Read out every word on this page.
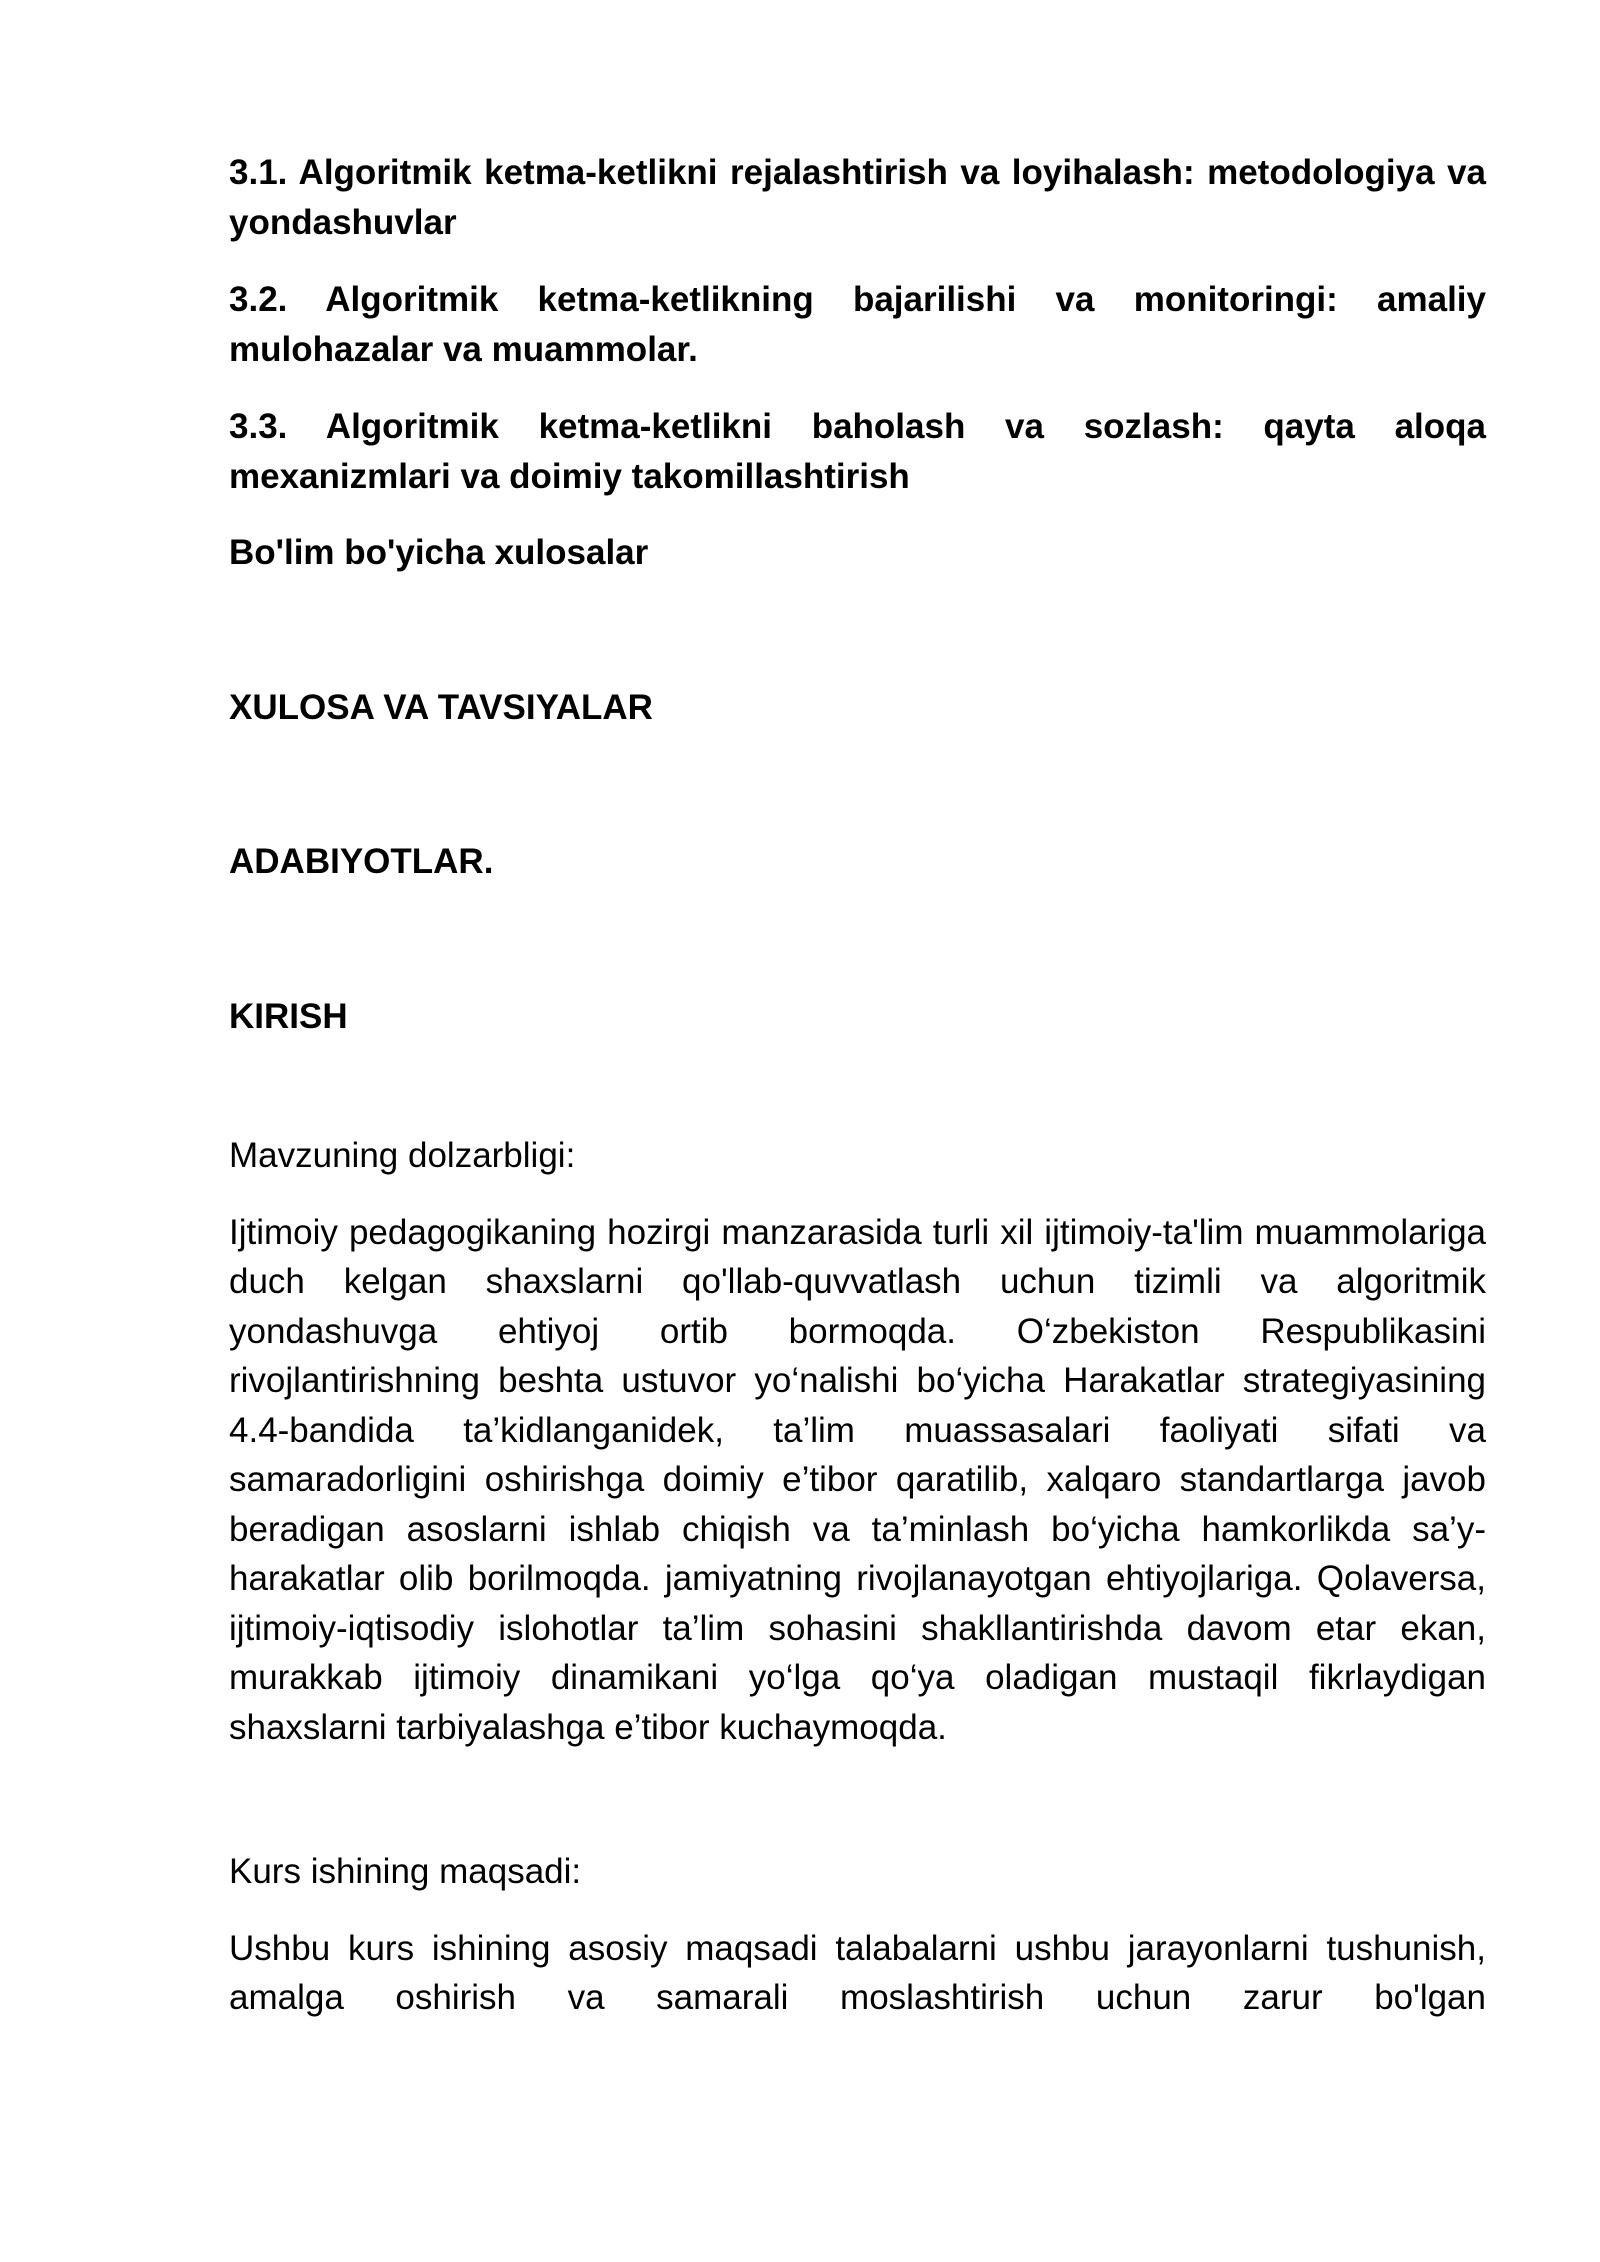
3.1. Algoritmik ketma-ketlikni rejalashtirish va loyihalash: metodologiya va yondashuvlar

3.2. Algoritmik ketma-ketlikning bajarilishi va monitoringi: amaliy mulohazalar va muammolar.

3.3. Algoritmik ketma-ketlikni baholash va sozlash: qayta aloqa mexanizmlari va doimiy takomillashtirish

Bo'lim bo'yicha xulosalar

XULOSA VA TAVSIYALAR

ADABIYOTLAR.

KIRISH

Mavzuning dolzarbligi:

Ijtimoiy pedagogikaning hozirgi manzarasida turli xil ijtimoiy-ta'lim muammolariga duch kelgan shaxslarni qo'llab-quvvatlash uchun tizimli va algoritmik yondashuvga ehtiyoj ortib bormoqda. O‘zbekiston Respublikasini rivojlantirishning beshta ustuvor yo‘nalishi bo‘yicha Harakatlar strategiyasining 4.4-bandida ta’kidlanganidek, ta’lim muassasalari faoliyati sifati va samaradorligini oshirishga doimiy e’tibor qaratilib, xalqaro standartlarga javob beradigan asoslarni ishlab chiqish va ta’minlash bo‘yicha hamkorlikda sa’y-harakatlar olib borilmoqda. jamiyatning rivojlanayotgan ehtiyojlariga. Qolaversa, ijtimoiy-iqtisodiy islohotlar ta’lim sohasini shakllantirishda davom etar ekan, murakkab ijtimoiy dinamikani yo‘lga qo‘ya oladigan mustaqil fikrlaydigan shaxslarni tarbiyalashga e’tibor kuchaymoqda.

Kurs ishining maqsadi:

Ushbu kurs ishining asosiy maqsadi talabalarni ushbu jarayonlarni tushunish, amalga oshirish va samarali moslashtirish uchun zarur bo'lgan
